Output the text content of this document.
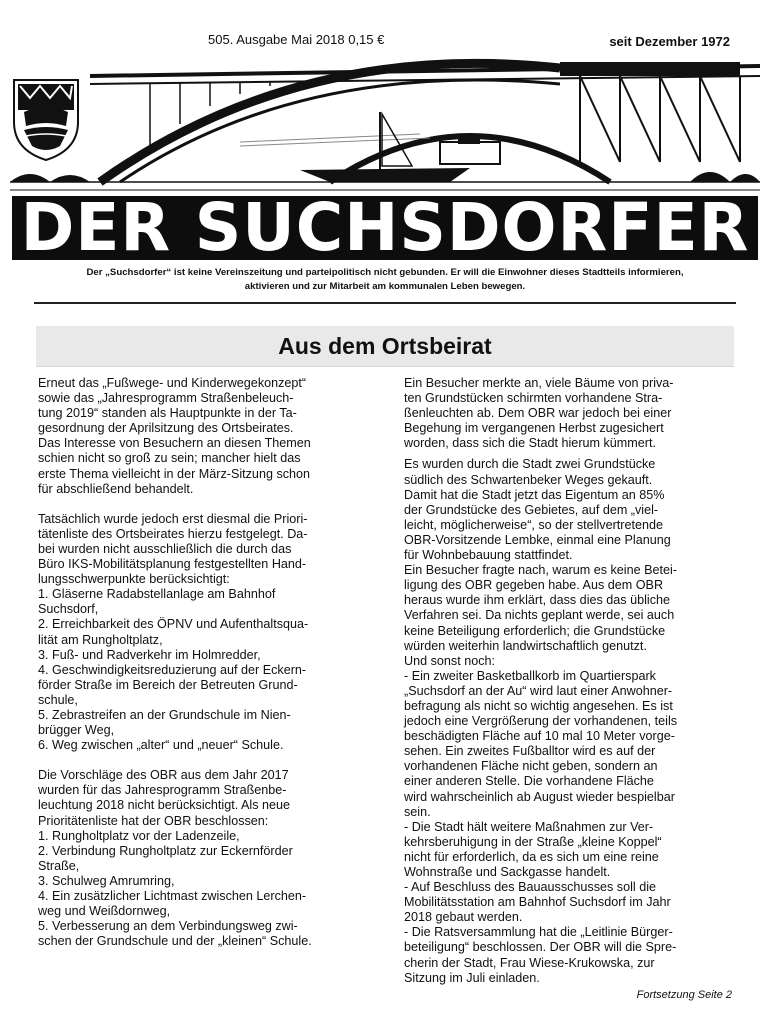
505. Ausgabe Mai 2018 0,15 €	seit Dezember 1972
DER SUCHSDORFER
Der „Suchsdorfer“ ist keine Vereinszeitung und parteipolitisch nicht gebunden. Er will die Einwohner dieses Stadtteils informieren,
aktivieren und zur Mitarbeit am kommunalen Leben bewegen.
Aus dem Ortsbeirat

Erneut das „Fußwege- und Kinderwegekonzept“
sowie das „Jahresprogramm Straßenbeleuch-
tung 2019“ standen als Hauptpunkte in der Ta-
gesordnung der Aprilsitzung des Ortsbeirates.
Das Interesse von Besuchern an diesen Themen
schien nicht so groß zu sein; mancher hielt das
erste Thema vielleicht in der März-Sitzung schon
für abschließend behandelt.

Tatsächlich wurde jedoch erst diesmal die Priori-
tätenliste des Ortsbeirates hierzu festgelegt. Da-
bei wurden nicht ausschließlich die durch das
Büro IKS-Mobilitätsplanung festgestellten Hand-
lungsschwerpunkte berücksichtigt:
1. Gläserne Radabstellanlage am Bahnhof
Suchsdorf,
2. Erreichbarkeit des ÖPNV und Aufenthaltsqua-
lität am Rungholtplatz,
3. Fuß- und Radverkehr im Holmredder,
4. Geschwindigkeitsreduzierung auf der Eckern-
förder Straße im Bereich der Betreuten Grund-
schule,
5. Zebrastreifen an der Grundschule im Nien-
brügger Weg,
6. Weg zwischen „alter“ und „neuer“ Schule.

Die Vorschläge des OBR aus dem Jahr 2017
wurden für das Jahresprogramm Straßenbe-
leuchtung 2018 nicht berücksichtigt. Als neue
Prioritätenliste hat der OBR beschlossen:
1. Rungholtplatz vor der Ladenzeile,
2. Verbindung Rungholtplatz zur Eckernförder
Straße,
3. Schulweg Amrumring,
4. Ein zusätzlicher Lichtmast zwischen Lerchen-
weg und Weißdornweg,
5. Verbesserung an dem Verbindungsweg zwi-
schen der Grundschule und der „kleinen“ Schule.

Ein Besucher merkte an, viele Bäume von priva-
ten Grundstücken schirmten vorhandene Stra-
ßenleuchten ab. Dem OBR war jedoch bei einer
Begehung im vergangenen Herbst zugesichert
worden, dass sich die Stadt hierum kümmert.

Es wurden durch die Stadt zwei Grundstücke
südlich des Schwartenbeker Weges gekauft.
Damit hat die Stadt jetzt das Eigentum an 85%
der Grundstücke des Gebietes, auf dem „viel-
leicht, möglicherweise“, so der stellvertretende
OBR-Vorsitzende Lembke, einmal eine Planung
für Wohnbebauung stattfindet.
Ein Besucher fragte nach, warum es keine Betei-
ligung des OBR gegeben habe. Aus dem OBR
heraus wurde ihm erklärt, dass dies das übliche
Verfahren sei. Da nichts geplant werde, sei auch
keine Beteiligung erforderlich; die Grundstücke
würden weiterhin landwirtschaftlich genutzt.
Und sonst noch:
- Ein zweiter Basketballkorb im Quartierspark
„Suchsdorf an der Au“ wird laut einer Anwohner-
befragung als nicht so wichtig angesehen. Es ist
jedoch eine Vergrößerung der vorhandenen, teils
beschädigten Fläche auf 10 mal 10 Meter vorge-
sehen. Ein zweites Fußballtor wird es auf der
vorhandenen Fläche nicht geben, sondern an
einer anderen Stelle. Die vorhandene Fläche
wird wahrscheinlich ab August wieder bespielbar
sein.
- Die Stadt hält weitere Maßnahmen zur Ver-
kehrsberuhigung in der Straße „kleine Koppel“
nicht für erforderlich, da es sich um eine reine
Wohnstraße und Sackgasse handelt.
- Auf Beschluss des Bauausschusses soll die
Mobilitätsstation am Bahnhof Suchsdorf im Jahr
2018 gebaut werden.
- Die Ratsversammlung hat die „Leitlinie Bürger-
beteiligung“ beschlossen. Der OBR will die Spre-
cherin der Stadt, Frau Wiese-Krukowska, zur
Sitzung im Juli einladen.

Fortsetzung Seite 2
